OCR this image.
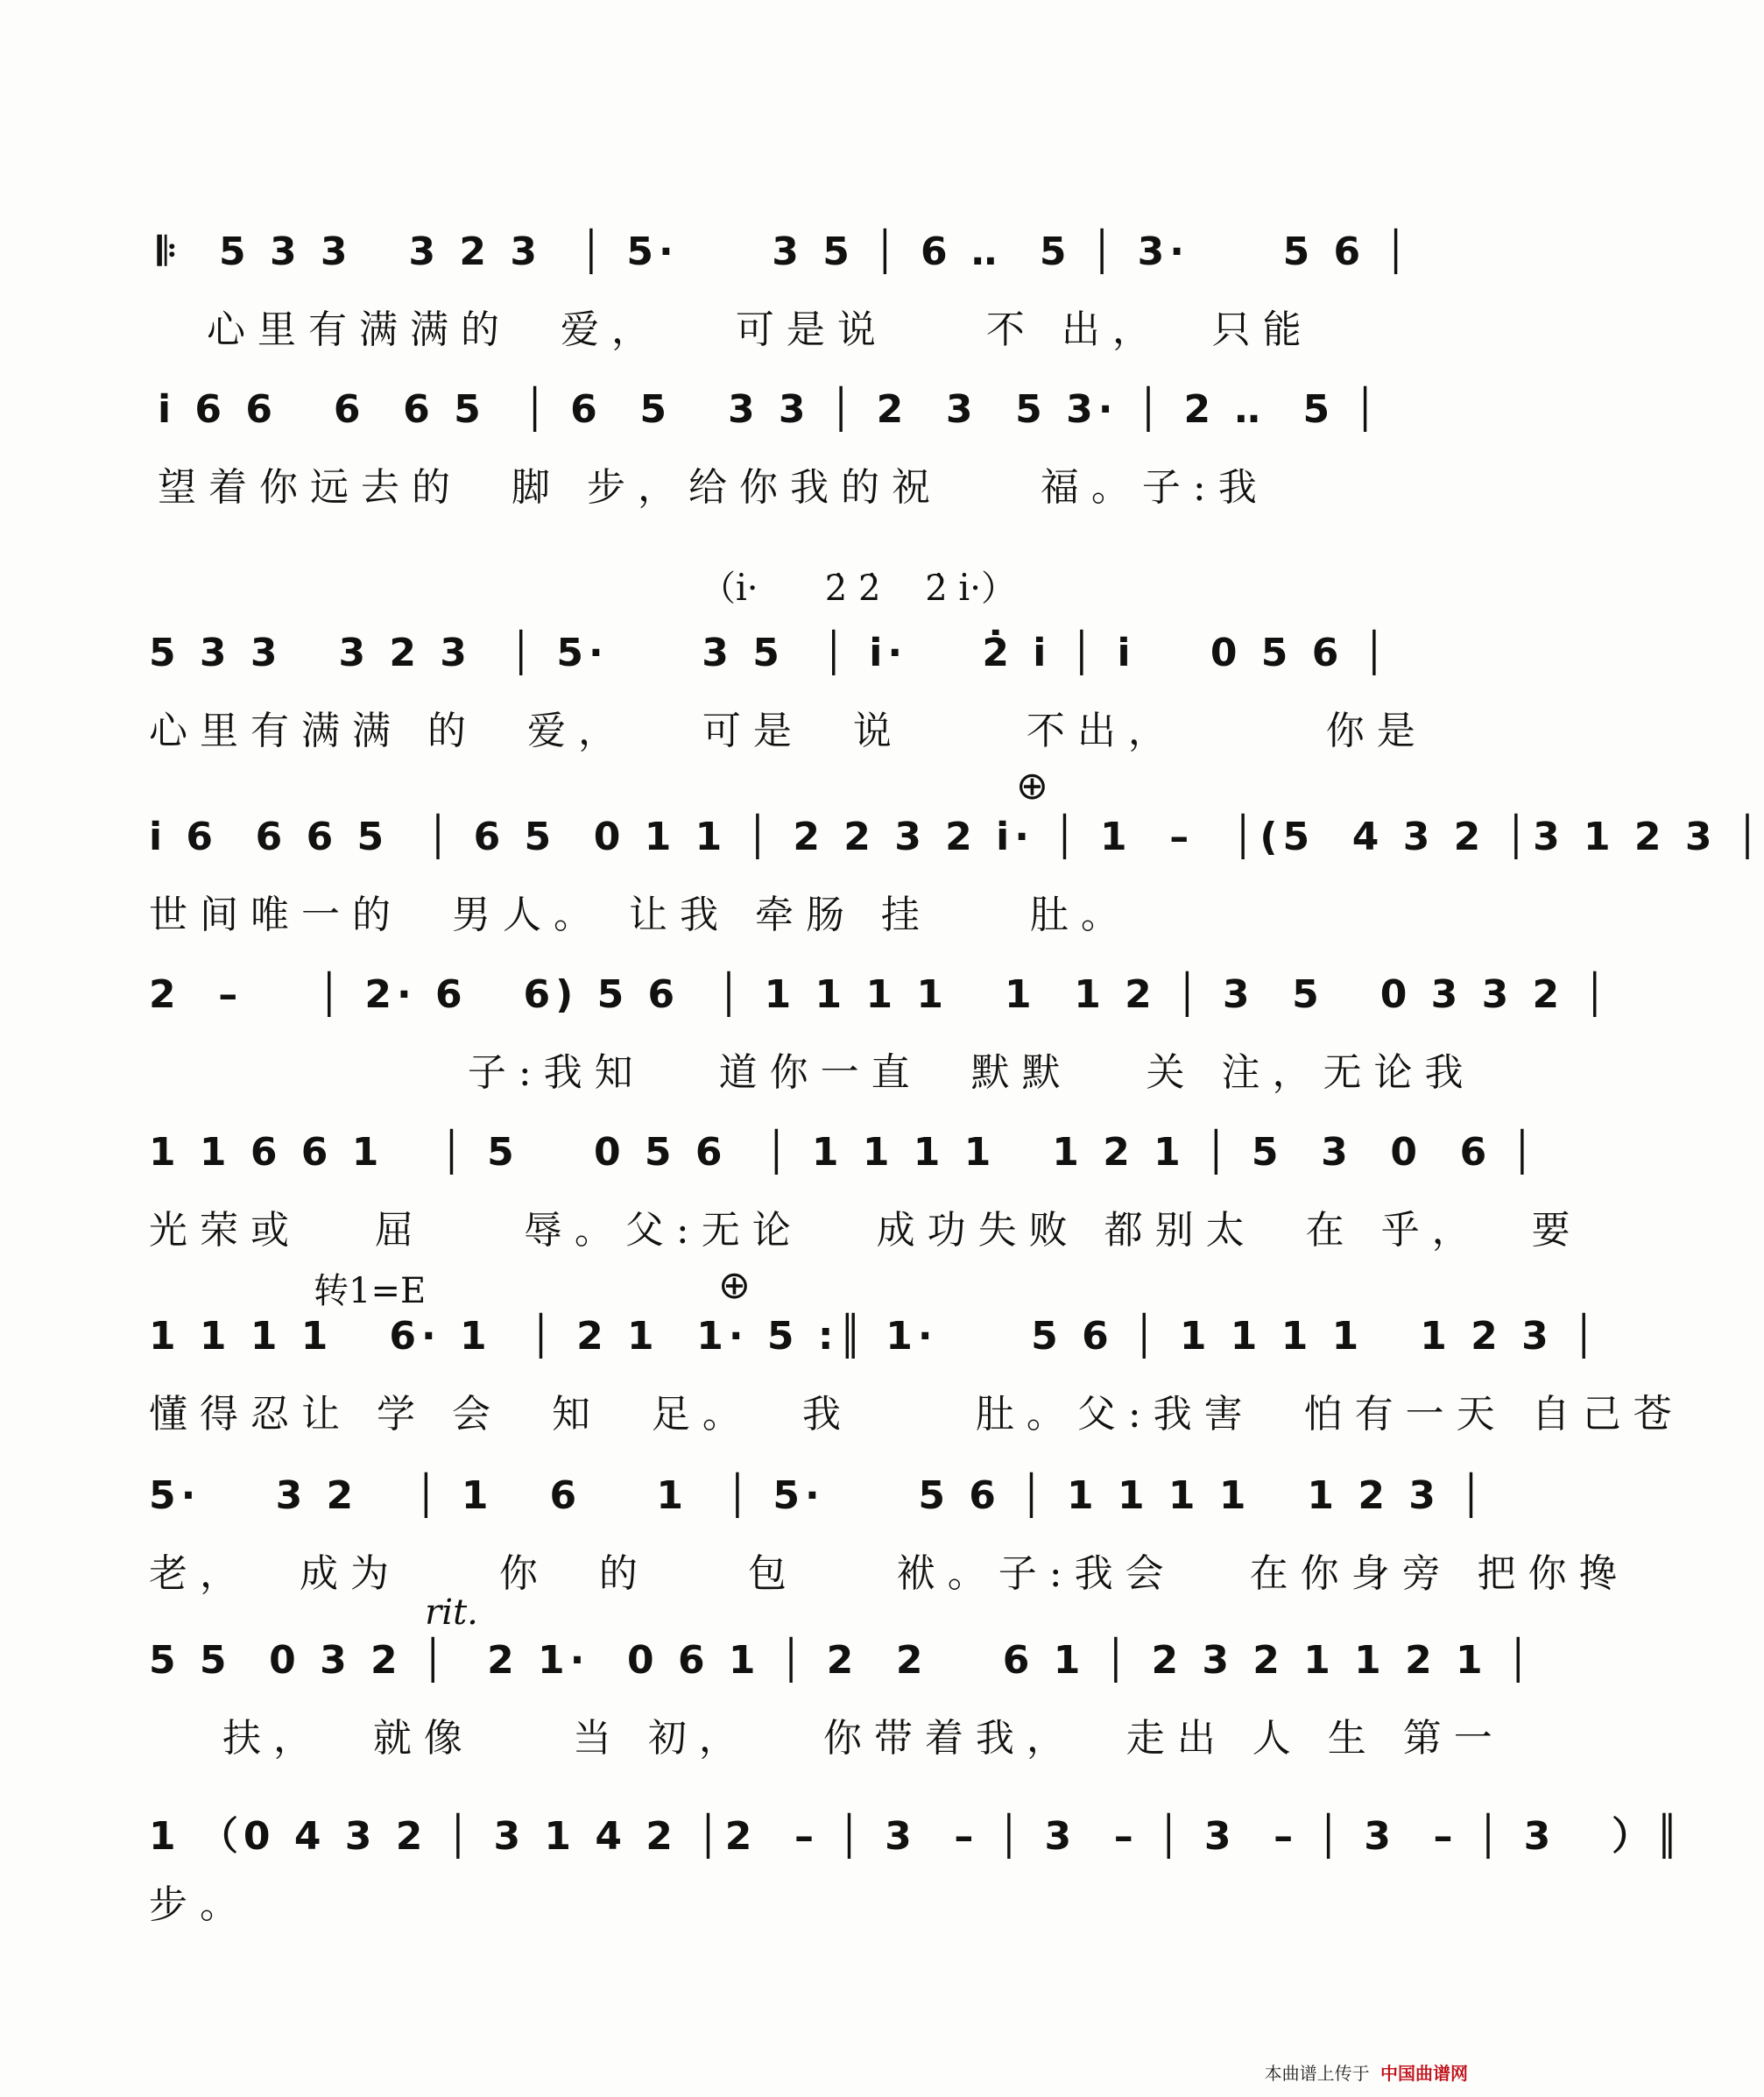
𝄆  5 3 3   3 2 3  │ 5·     3 5 │ 6 ‥  5 │ 3·     5 6 │
心里有满满的  爱，   可是说    不 出，  只能
i̇ 6 6   6  6 5  │ 6  5   3 3 │ 2  3  5 3· │ 2 ‥  5 │
望着你远去的  脚 步，给你我的祝    福。子:我
（i̇·      2̇ 2̇    2̇ i̇·）
5 3 3   3 2 3  │ 5·     3 5  │ i̇·    2̇ i̇ │ i̇    0 5 6 │
心里有满满 的  爱，   可是  说     不出，      你是
⊕
i̇ 6  6 6 5  │ 6 5  0 1 1 │ 2 2 3 2 i̇· │ 1  –  │(5  4 3 2 │3 1 2 3 │
世间唯一的  男人。 让我 牵肠 挂    肚。
2  –    │ 2· 6   6) 5 6  │ 1 1 1 1   1  1 2 │ 3  5   0 3 3 2 │
子:我知   道你一直  默默   关 注，无论我
1 1 6 6 1   │ 5    0 5 6  │ 1 1 1 1   1 2 1 │ 5  3  0  6 │
光荣或   屈    辱。父:无论   成功失败 都别太  在 乎，  要
⊕
转1=E
1 1 1 1   6· 1  │ 2 1  1· 5 :║ 1·     5 6 │ 1 1 1 1   1 2 3 │
懂得忍让 学 会  知  足。  我     肚。父:我害  怕有一天 自己苍
5·    3 2   │ 1   6    1  │ 5·     5 6 │ 1 1 1 1   1 2 3 │
老，  成为    你  的    包    袱。子:我会   在你身旁 把你搀
rit.
5 5  0 3 2 │  2 1·  0 6 1 │ 2  2    6 1 │ 2 3 2 1 1 2 1 │
扶，  就像    当 初，   你带着我，  走出 人 生 第一
1 （0 4 3 2 │ 3 1 4 2 │2  – │ 3  – │ 3  – │ 3  – │ 3  – │ 3   ）║
步。
本曲谱上传于 中国曲谱网
